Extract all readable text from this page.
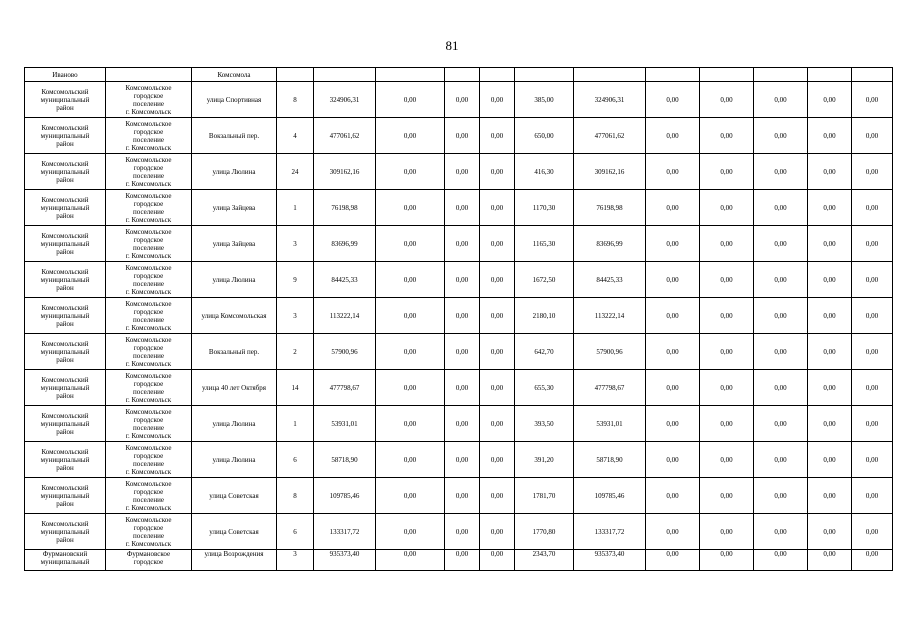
81
Иваново		Комсомола												

Комсомольский
муниципальный
район	Комсомольское
городское
поселение
г. Комсомольск	улица Спортивная	8	324906,31	0,00	0,00	0,00	385,00	324906,31	0,00	0,00	0,00	0,00	0,00

Комсомольский
муниципальный
район	Комсомольское
городское
поселение
г. Комсомольск	Вокзальный пер.	4	477061,62	0,00	0,00	0,00	650,00	477061,62	0,00	0,00	0,00	0,00	0,00

Комсомольский
муниципальный
район	Комсомольское
городское
поселение
г. Комсомольск	улица Люлина	24	309162,16	0,00	0,00	0,00	416,30	309162,16	0,00	0,00	0,00	0,00	0,00

Комсомольский
муниципальный
район	Комсомольское
городское
поселение
г. Комсомольск	улица Зайцева	1	76198,98	0,00	0,00	0,00	1170,30	76198,98	0,00	0,00	0,00	0,00	0,00

Комсомольский
муниципальный
район	Комсомольское
городское
поселение
г. Комсомольск	улица Зайцева	3	83696,99	0,00	0,00	0,00	1165,30	83696,99	0,00	0,00	0,00	0,00	0,00

Комсомольский
муниципальный
район	Комсомольское
городское
поселение
г. Комсомольск	улица Люлина	9	84425,33	0,00	0,00	0,00	1672,50	84425,33	0,00	0,00	0,00	0,00	0,00

Комсомольский
муниципальный
район	Комсомольское
городское
поселение
г. Комсомольск	улица Комсомольская	3	113222,14	0,00	0,00	0,00	2180,10	113222,14	0,00	0,00	0,00	0,00	0,00

Комсомольский
муниципальный
район	Комсомольское
городское
поселение
г. Комсомольск	Вокзальный пер.	2	57900,96	0,00	0,00	0,00	642,70	57900,96	0,00	0,00	0,00	0,00	0,00

Комсомольский
муниципальный
район	Комсомольское
городское
поселение
г. Комсомольск	улица 40 лет Октября	14	477798,67	0,00	0,00	0,00	655,30	477798,67	0,00	0,00	0,00	0,00	0,00

Комсомольский
муниципальный
район	Комсомольское
городское
поселение
г. Комсомольск	улица Люлина	1	53931,01	0,00	0,00	0,00	393,50	53931,01	0,00	0,00	0,00	0,00	0,00

Комсомольский
муниципальный
район	Комсомольское
городское
поселение
г. Комсомольск	улица Люлина	6	58718,90	0,00	0,00	0,00	391,20	58718,90	0,00	0,00	0,00	0,00	0,00

Комсомольский
муниципальный
район	Комсомольское
городское
поселение
г. Комсомольск	улица Советская	8	109785,46	0,00	0,00	0,00	1781,70	109785,46	0,00	0,00	0,00	0,00	0,00

Комсомольский
муниципальный
район	Комсомольское
городское
поселение
г. Комсомольск	улица Советская	6	133317,72	0,00	0,00	0,00	1770,80	133317,72	0,00	0,00	0,00	0,00	0,00

Фурмановский
муниципальный	Фурмановское
городское	улица Возрождения	3	935373,40	0,00	0,00	0,00	2343,70	935373,40	0,00	0,00	0,00	0,00	0,00
